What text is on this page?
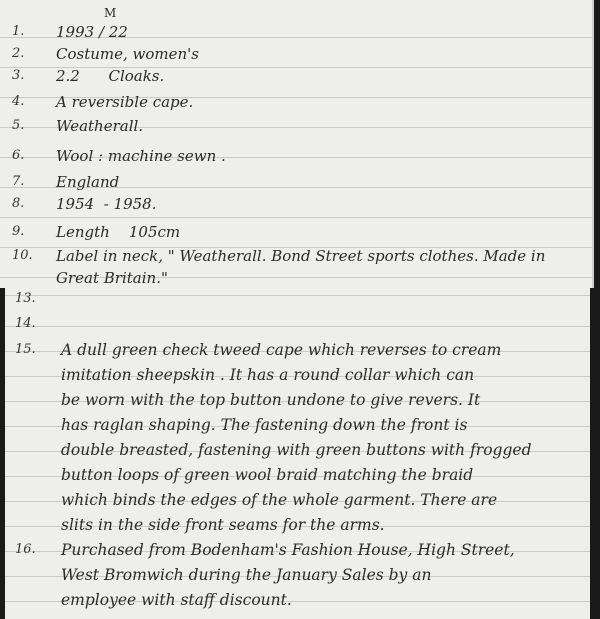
M
1.	1993 / 22
2.	Costume, women's
3.	2.2      Cloaks.
4.	A reversible cape.
5.	Weatherall.
6.	Wool : machine sewn .
7.	England
8.	1954  - 1958.
9.	Length    105cm
10.	Label in neck, " Weatherall. Bond Street sports clothes. Made in
Great Britain."
13.
14.
15.	A dull green check tweed cape which reverses to cream
imitation sheepskin . It has a round collar which can
be worn with the top button undone to give revers. It
has raglan shaping. The fastening down the front is
double breasted, fastening with green buttons with frogged
button loops of green wool braid matching the braid
which binds the edges of the whole garment. There are
slits in the side front seams for the arms.
16.	Purchased from Bodenham's Fashion House, High Street,
West Bromwich during the January Sales by an
employee with staff discount.
